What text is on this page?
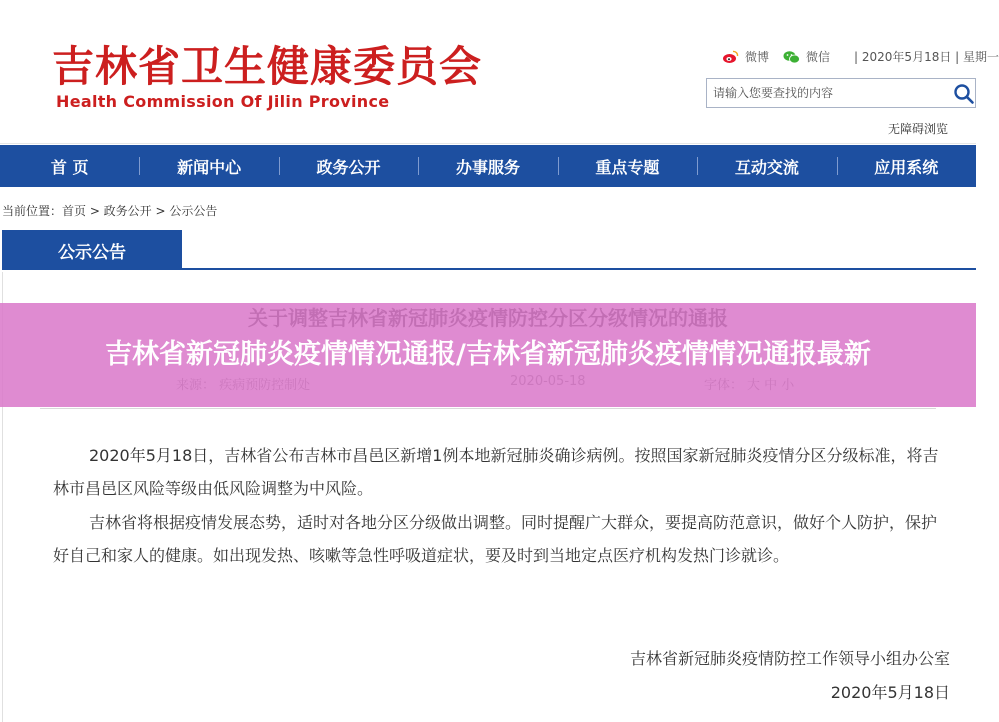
吉林省卫生健康委员会
Health Commission Of Jilin Province
微博	微信 | 2020年5月18日 | 星期一
请输入您要查找的内容
无障碍浏览
首 页	新闻中心	政务公开	办事服务	重点专题	互动交流	应用系统
当前位置：首页 > 政务公开 > 公示公告
公示公告
吉林省新冠肺炎疫情情况通报/吉林省新冠肺炎疫情情况通报最新

2020年5月18日，吉林省公布吉林市昌邑区新增1例本地新冠肺炎确诊病例。按照国家新冠肺炎疫情分区分级标准，将吉林市昌邑区风险等级由低风险调整为中风险。

吉林省将根据疫情发展态势，适时对各地分区分级做出调整。同时提醒广大群众，要提高防范意识，做好个人防护，保护好自己和家人的健康。如出现发热、咳嗽等急性呼吸道症状，要及时到当地定点医疗机构发热门诊就诊。

吉林省新冠肺炎疫情防控工作领导小组办公室
2020年5月18日
